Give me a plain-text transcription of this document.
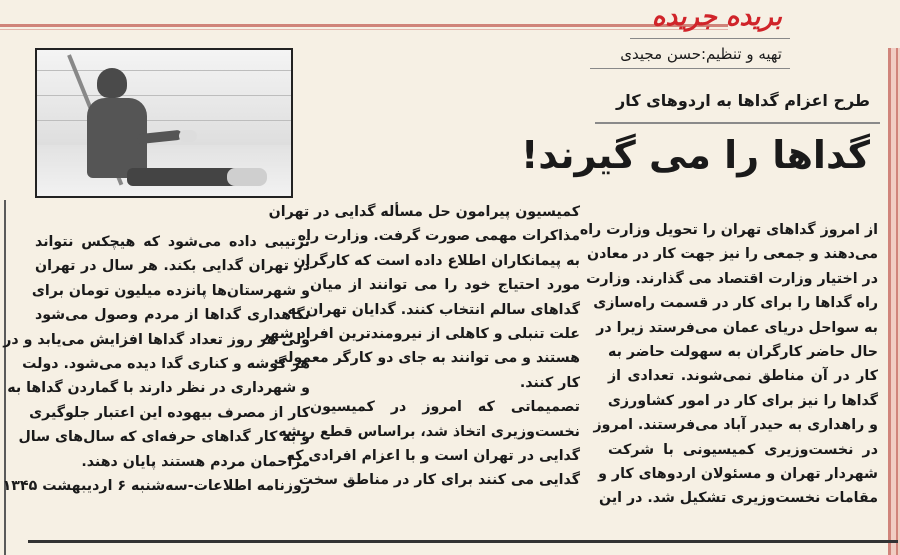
بریده جریده
تهیه و تنظیم:حسن مجیدی
طرح اعزام گداها به اردوهای کار
گداها را می گیرند!
از امروز گداهای تهران را تحویل وزارت راه
می‌دهند و جمعی را نیز جهت کار در معادن
در اختیار وزارت اقتصاد می گذارند. وزارت
راه گداها را برای کار در قسمت راه‌سازی
به سواحل دریای عمان می‌فرستد زیرا در
حال حاضر کارگران به سهولت حاضر به
کار در آن مناطق نمی‌شوند. تعدادی از
گداها را نیز برای کار در امور کشاورزی
و راهداری به حیدر آباد می‌فرستند. امروز
در نخست‌وزیری کمیسیونی با شرکت
شهردار تهران و مسئولان اردوهای کار و
مقامات نخست‌وزیری تشکیل شد. در این
کمیسیون پیرامون حل مسأله گدایی در تهران
مذاکرات مهمی صورت گرفت. وزارت راه
به پیمانکاران اطلاع داده است که کارگران
مورد احتیاج خود را می توانند از میان
گداهای سالم انتخاب کنند. گدایان تهران به
علت تنبلی و کاهلی از نیرومندترین افراد شهر
هستند و می توانند به جای دو کارگر معمولی
کار کنند.
تصمیماتی که امروز در کمیسیون
نخست‌وزیری اتخاذ شد، براساس قطع ریشه
گدایی در تهران است و با اعزام افرادی که
گدایی می کنند برای کار در مناطق سخت
ترتیبی داده می‌شود که هیچکس نتواند
در تهران گدایی بکند. هر سال در تهران
و شهرستان‌ها پانزده میلیون تومان برای
نگاهداری گداها از مردم وصول می‌شود
ولی هر روز تعداد گداها افزایش می‌یابد و در
هر گوشه و کناری گدا دیده می‌شود. دولت
و شهرداری در نظر دارند با گماردن گداها به
کار از مصرف بیهوده این اعتبار جلوگیری
و به کار گداهای حرفه‌ای که سال‌های سال
مزاحمان مردم هستند پایان دهند.
روزنامه اطلاعات-سه‌شنبه ۶ اردیبهشت ۱۳۴۵
